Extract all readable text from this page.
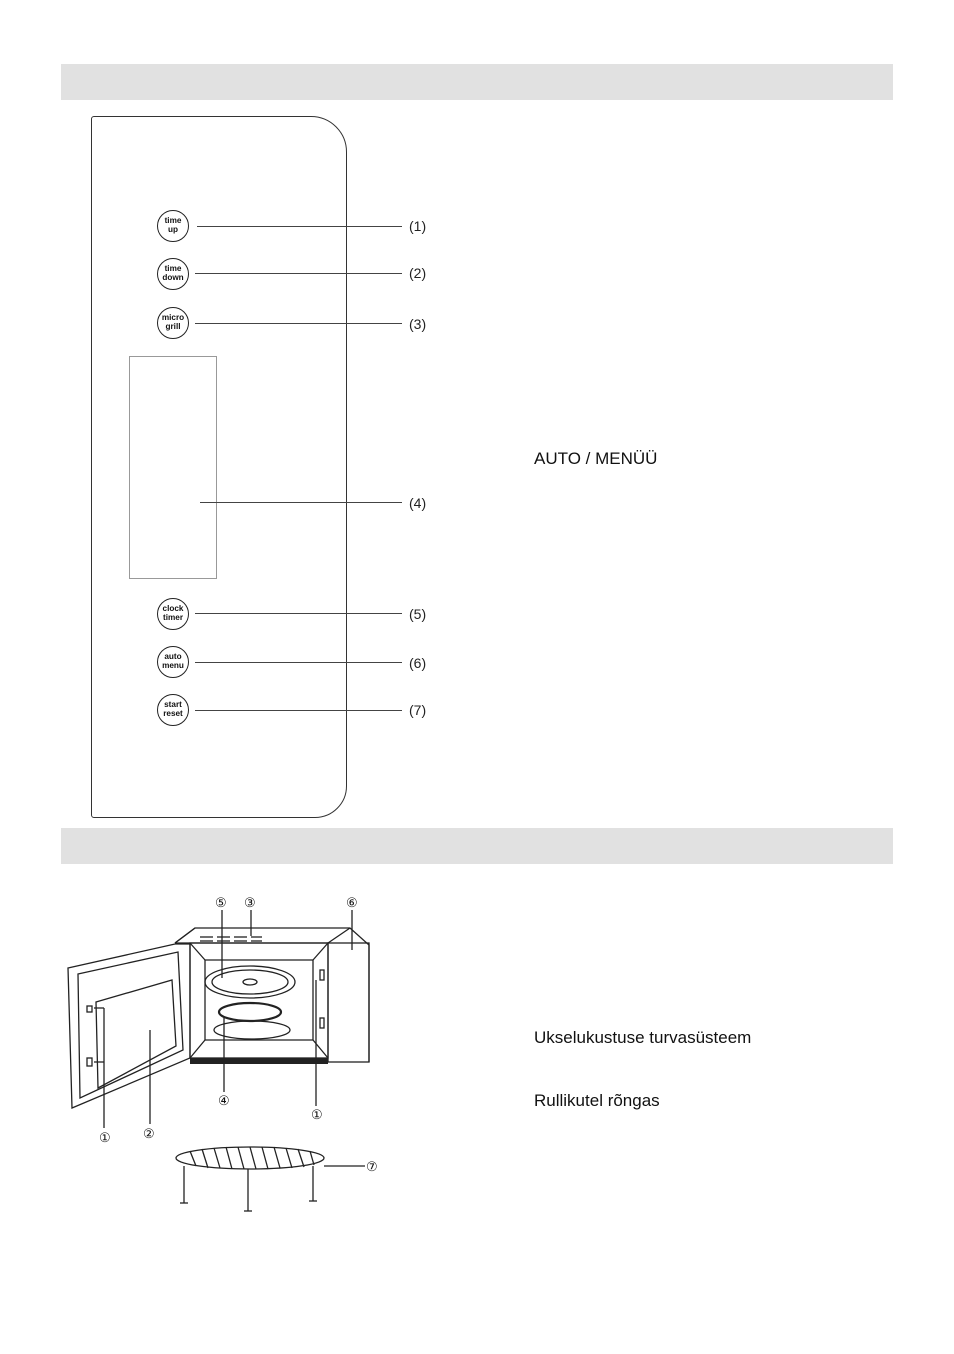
time
up
time
down
micro
grill
clock
timer
auto
menu
start
reset
(1)
(2)
(3)
(4)
(5)
(6)
(7)
AUTO / MENÜÜ
Ukselukustuse turvasüsteem
Rullikutel rõngas
⑤ ③	⑥
④
①
① ②
⑦
